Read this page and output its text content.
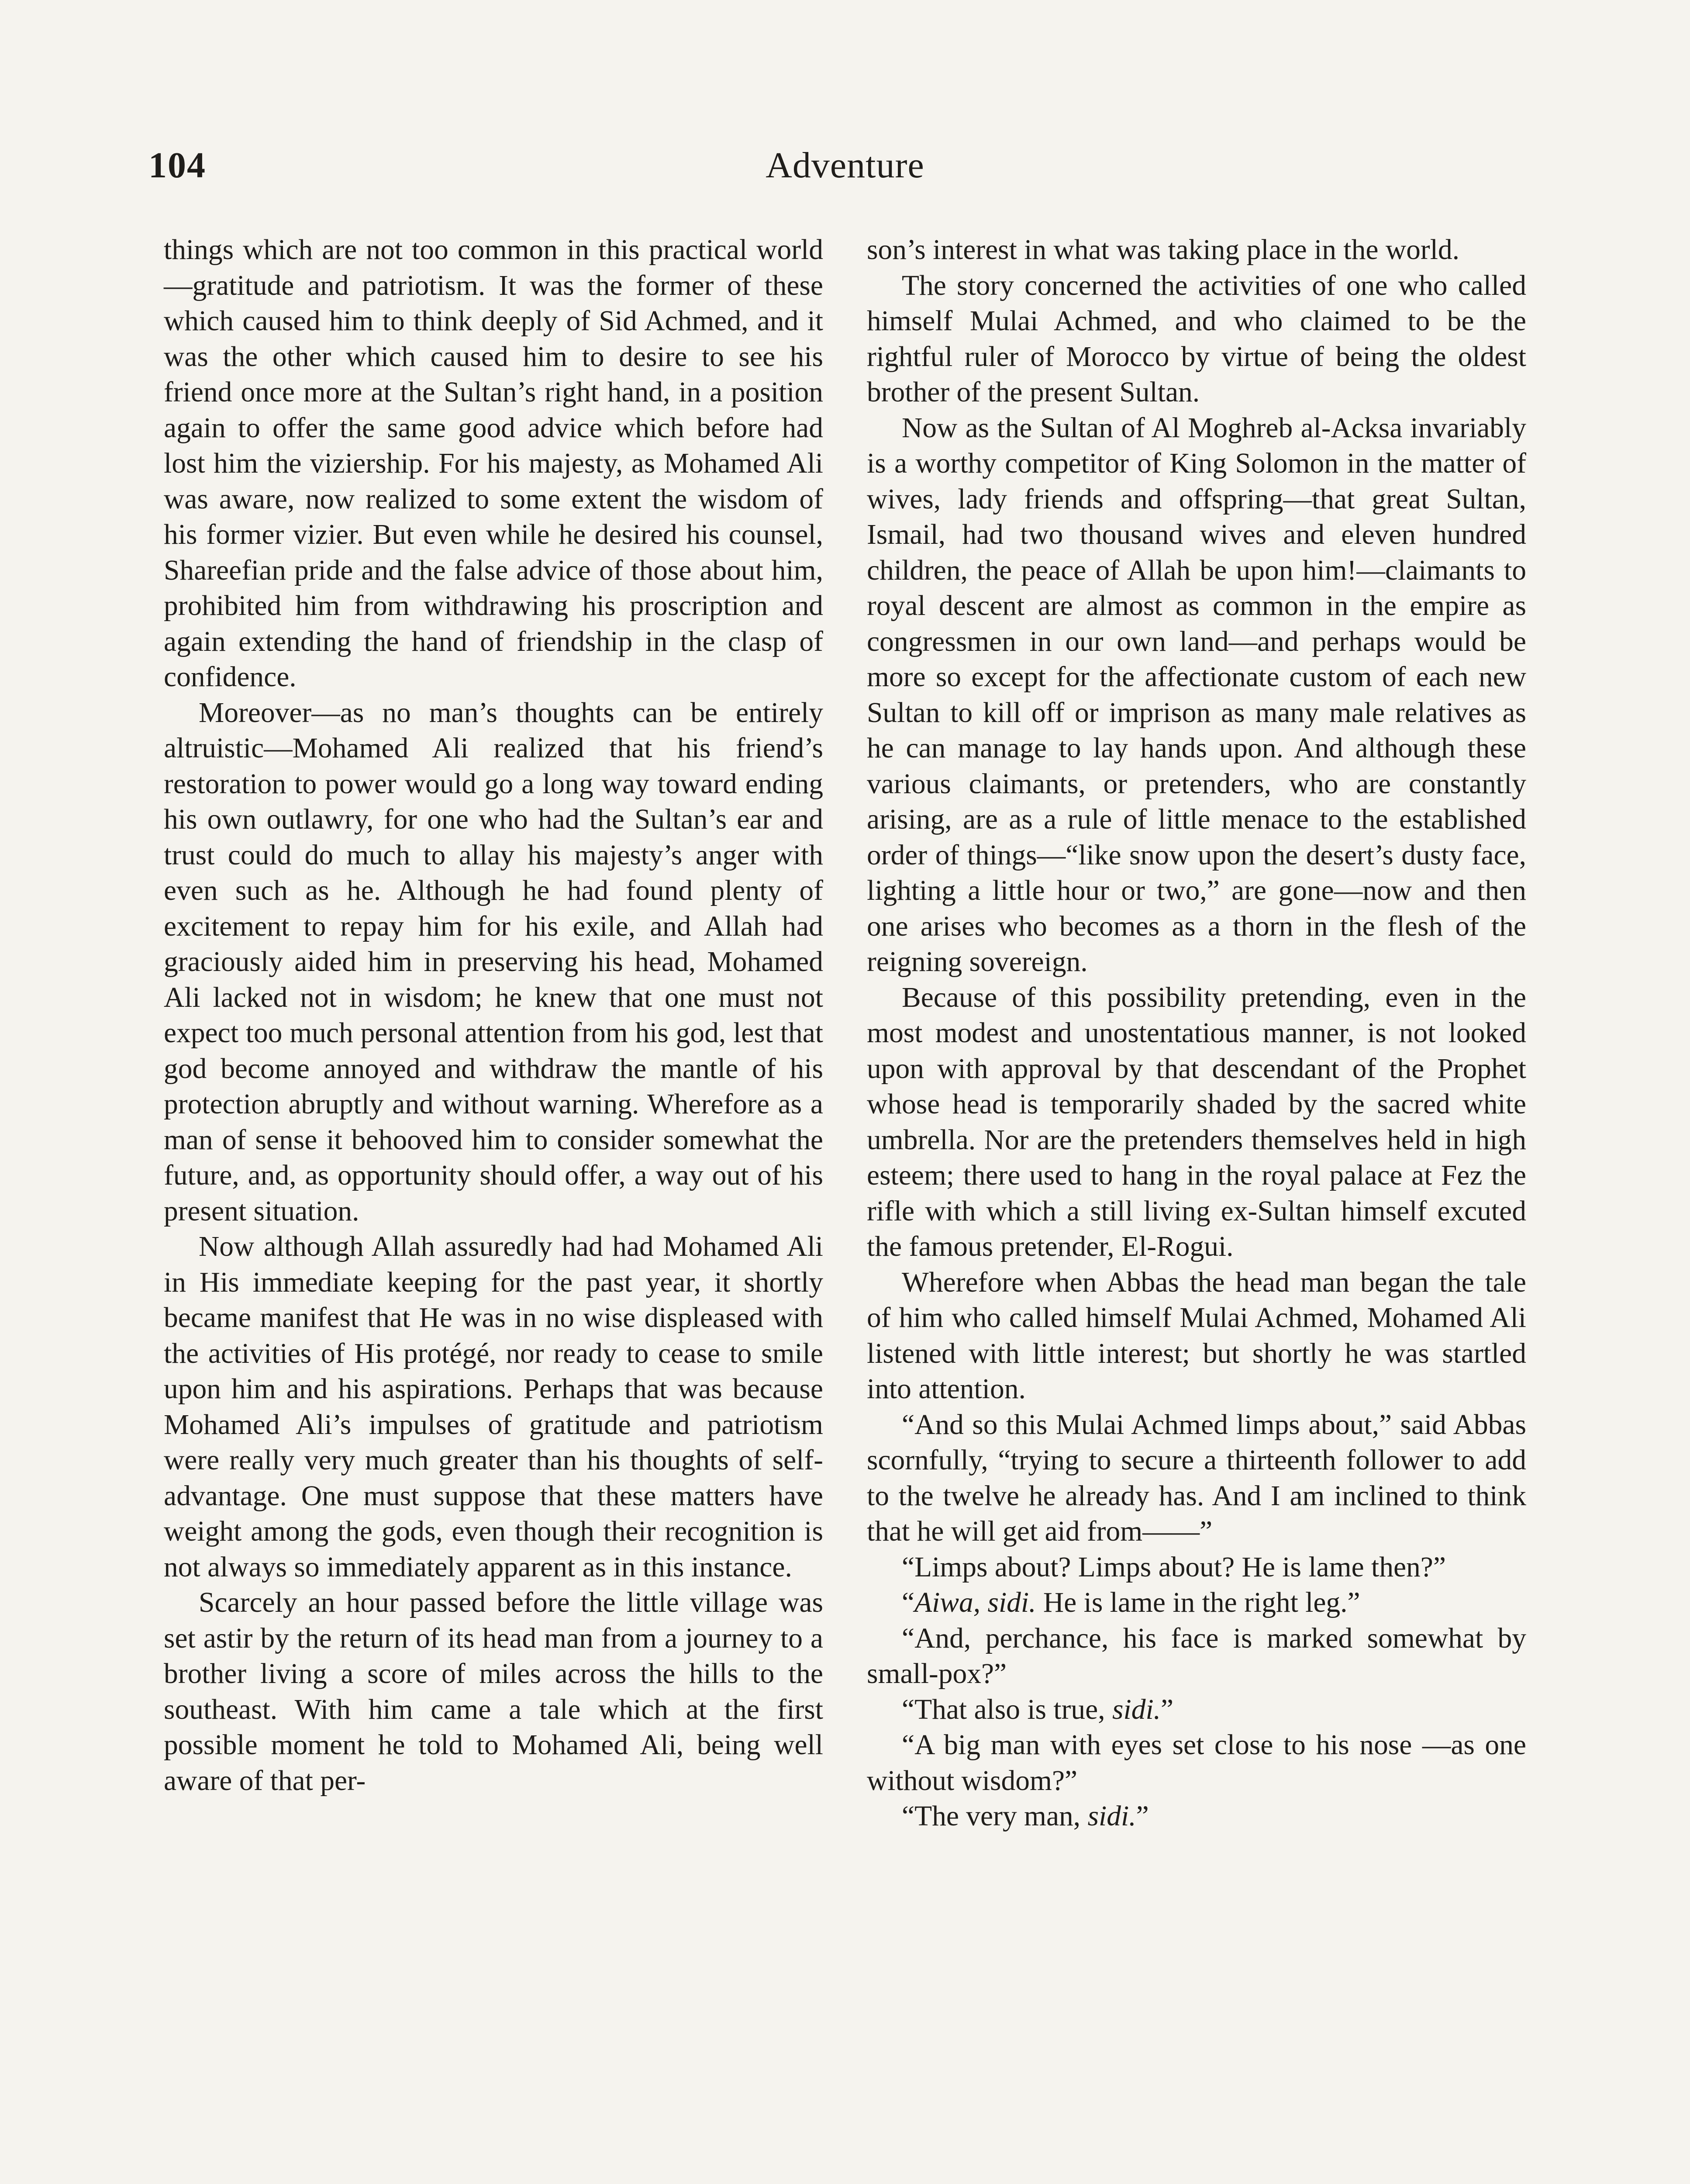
104	Adventure

things which are not too common in this practical world—gratitude and patriotism. It was the former of these which caused him to think deeply of Sid Achmed, and it was the other which caused him to desire to see his friend once more at the Sultan’s right hand, in a position again to offer the same good advice which before had lost him the viziership. For his majesty, as Mohamed Ali was aware, now realized to some extent the wisdom of his former vizier. But even while he desired his counsel, Shareefian pride and the false advice of those about him, prohibited him from withdrawing his proscription and again extending the hand of friendship in the clasp of confidence.

Moreover—as no man’s thoughts can be entirely altruistic—Mohamed Ali realized that his friend’s restoration to power would go a long way toward ending his own outlawry, for one who had the Sultan’s ear and trust could do much to allay his majesty’s anger with even such as he. Although he had found plenty of excitement to repay him for his exile, and Allah had graciously aided him in preserving his head, Mohamed Ali lacked not in wisdom; he knew that one must not expect too much personal attention from his god, lest that god become annoyed and withdraw the mantle of his protection abruptly and without warning. Wherefore as a man of sense it behooved him to consider somewhat the future, and, as opportunity should offer, a way out of his present situation.

Now although Allah assuredly had had Mohamed Ali in His immediate keeping for the past year, it shortly became manifest that He was in no wise displeased with the activities of His protégé, nor ready to cease to smile upon him and his aspirations. Perhaps that was because Mohamed Ali’s impulses of gratitude and patriotism were really very much greater than his thoughts of self-advantage. One must suppose that these matters have weight among the gods, even though their recognition is not always so immediately apparent as in this instance.

Scarcely an hour passed before the little village was set astir by the return of its head man from a journey to a brother living a score of miles across the hills to the southeast. With him came a tale which at the first possible moment he told to Mohamed Ali, being well aware of that per-

son’s interest in what was taking place in the world.

The story concerned the activities of one who called himself Mulai Achmed, and who claimed to be the rightful ruler of Morocco by virtue of being the oldest brother of the present Sultan.

Now as the Sultan of Al Moghreb al-Acksa invariably is a worthy competitor of King Solomon in the matter of wives, lady friends and offspring—that great Sultan, Ismail, had two thousand wives and eleven hundred children, the peace of Allah be upon him!—claimants to royal descent are almost as common in the empire as congressmen in our own land—and perhaps would be more so except for the affectionate custom of each new Sultan to kill off or imprison as many male relatives as he can manage to lay hands upon. And although these various claimants, or pretenders, who are constantly arising, are as a rule of little menace to the established order of things—“like snow upon the desert’s dusty face, lighting a little hour or two,” are gone—now and then one arises who becomes as a thorn in the flesh of the reigning sovereign.

Because of this possibility pretending, even in the most modest and unostentatious manner, is not looked upon with approval by that descendant of the Prophet whose head is temporarily shaded by the sacred white umbrella. Nor are the pretenders themselves held in high esteem; there used to hang in the royal palace at Fez the rifle with which a still living ex-Sultan himself excuted the famous pretender, El-Rogui.

Wherefore when Abbas the head man began the tale of him who called himself Mulai Achmed, Mohamed Ali listened with little interest; but shortly he was startled into attention.

“And so this Mulai Achmed limps about,” said Abbas scornfully, “trying to secure a thirteenth follower to add to the twelve he already has. And I am inclined to think that he will get aid from——”

“Limps about? Limps about? He is lame then?”

“Aiwa, sidi. He is lame in the right leg.”

“And, perchance, his face is marked somewhat by small-pox?”

“That also is true, sidi.”

“A big man with eyes set close to his nose —as one without wisdom?”

“The very man, sidi.”
